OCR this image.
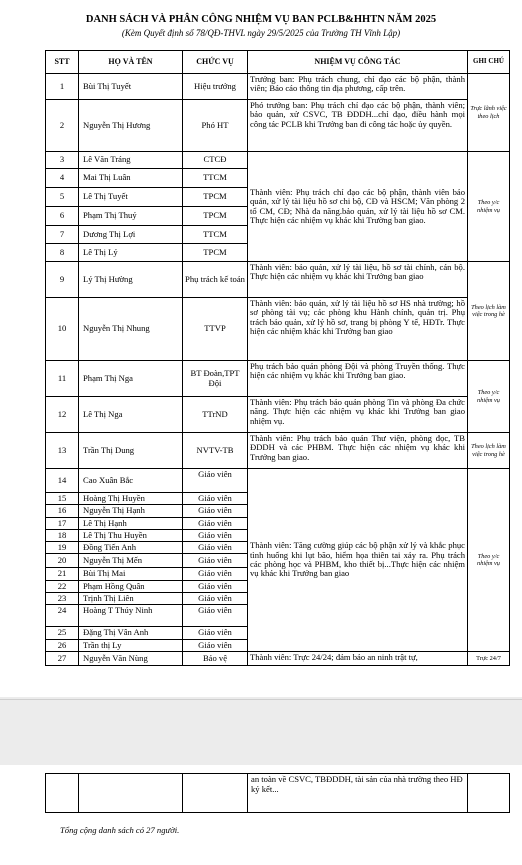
DANH SÁCH VÀ PHÂN CÔNG NHIỆM VỤ BAN PCLB&HHTN NĂM 2025
(Kèm Quyết định số 78/QĐ-THVL ngày 29/5/2025 của Trường TH Vĩnh Lập)
STT	HỌ VÀ TÊN	CHỨC VỤ	NHIỆM VỤ CÔNG TÁC	GHI CHÚ
1	Bùi Thị Tuyết	Hiệu trưởng	Trưởng ban: Phụ trách chung, chỉ đạo các bộ phận, thành viên; Báo cáo thông tin địa phương, cấp trên.	Trực lãnh việc theo lịch
2	Nguyễn Thị Hương	Phó HT	Phó trưởng ban: Phụ trách chỉ đạo các bộ phận, thành viên; bảo quản, xử CSVC, TB ĐDDH...chỉ đạo, điều hành mọi công tác PCLB khi Trưởng ban đi công tác hoặc ủy quyền.	
3	Lê Văn Tráng	CTCĐ	Thành viên: Phụ trách chỉ đạo các bộ phận, thành viên bảo quản, xử lý tài liệu hồ sơ chi bộ, CĐ và HSCM; Văn phòng 2 tổ CM, CĐ; Nhà đa năng.bảo quản, xử lý tài liệu hồ sơ CM. Thực hiện các nhiệm vụ khác khi Trường ban giao.	Theo y/c nhiệm vụ
4	Mai Thị Luân	TTCM		
5	Lê Thị Tuyết	TPCM		
6	Phạm Thị Thuý	TPCM		
7	Dương Thị Lợi	TTCM		
8	Lê Thị Lý	TPCM		
9	Lý Thị Hường	Phụ trách kế toán	Thành viên: bảo quản, xử lý tài liệu, hồ sơ tài chính, cán bộ. Thực hiện các nhiệm vụ khác khi Trưởng ban giao	Theo lịch làm việc trong hè
10	Nguyễn Thị Nhung	TTVP	Thành viên: bảo quản, xử lý tài liệu hồ sơ HS nhà trường; hồ sơ phòng tài vụ; các phòng khu Hành chính, quản trị. Phụ trách bảo quản, xử lý hồ sơ, trang bị phòng Y tế, HĐTr. Thực hiện các nhiệm khác khi Trưởng ban giao	
11	Phạm Thị Nga	BT Đoàn,TPT Đội	Phụ trách bảo quản phòng Đội và phòng Truyền thống. Thực hiện các nhiệm vụ khác khi Trưởng ban giao.	Theo y/c nhiệm vụ
12	Lê Thị Nga	TTrND	Thành viên: Phụ trách bảo quản phòng Tin và phòng Đa chức năng. Thực hiện các nhiệm vụ khác khi Trưởng ban giao nhiệm vụ.	
13	Trần Thị Dung	NVTV-TB	Thành viên: Phụ trách bảo quản Thư viện, phòng đọc, TB ĐDDH và các PHBM. Thực hiện các nhiệm vụ khác khi Trưởng ban giao.	Theo lịch làm việc trong hè
14	Cao Xuân Bắc	Giáo viên	Thành viên: Tăng cường giúp các bộ phận xử lý và khắc phục tình huống khi lụt bão, hiểm họa thiên tai xảy ra. Phụ trách các phòng học và PHBM, kho thiết bị...Thực hiện các nhiệm vụ khác khi Trưởng ban giao	Theo y/c nhiệm vụ
15	Hoàng Thị Huyền	Giáo viên		
16	Nguyễn Thị Hạnh	Giáo viên		
17	Lê Thị Hạnh	Giáo viên		
18	Lê Thị Thu Huyền	Giáo viên		
19	Đồng Tiến Anh	Giáo viên		
20	Nguyễn Thị Mến	Giáo viên		
21	Bùi Thị Mai	Giáo viên		
22	Phạm Hồng Quân	Giáo viên		
23	Trịnh Thị Liên	Giáo viên		
24	Hoàng T Thúy Ninh	Giáo viên		
25	Đặng Thị Vân Anh	Giáo viên		
26	Trần thị Ly	Giáo viên		
27	Nguyễn Văn Nùng	Bảo vệ	Thành viên: Trực 24/24; đảm bảo an ninh trật tự,	Trực 24/7
			an toàn về CSVC, TBĐDDH, tài sản của nhà trường theo HĐ ký kết...	
Tổng cộng danh sách có 27 người.
